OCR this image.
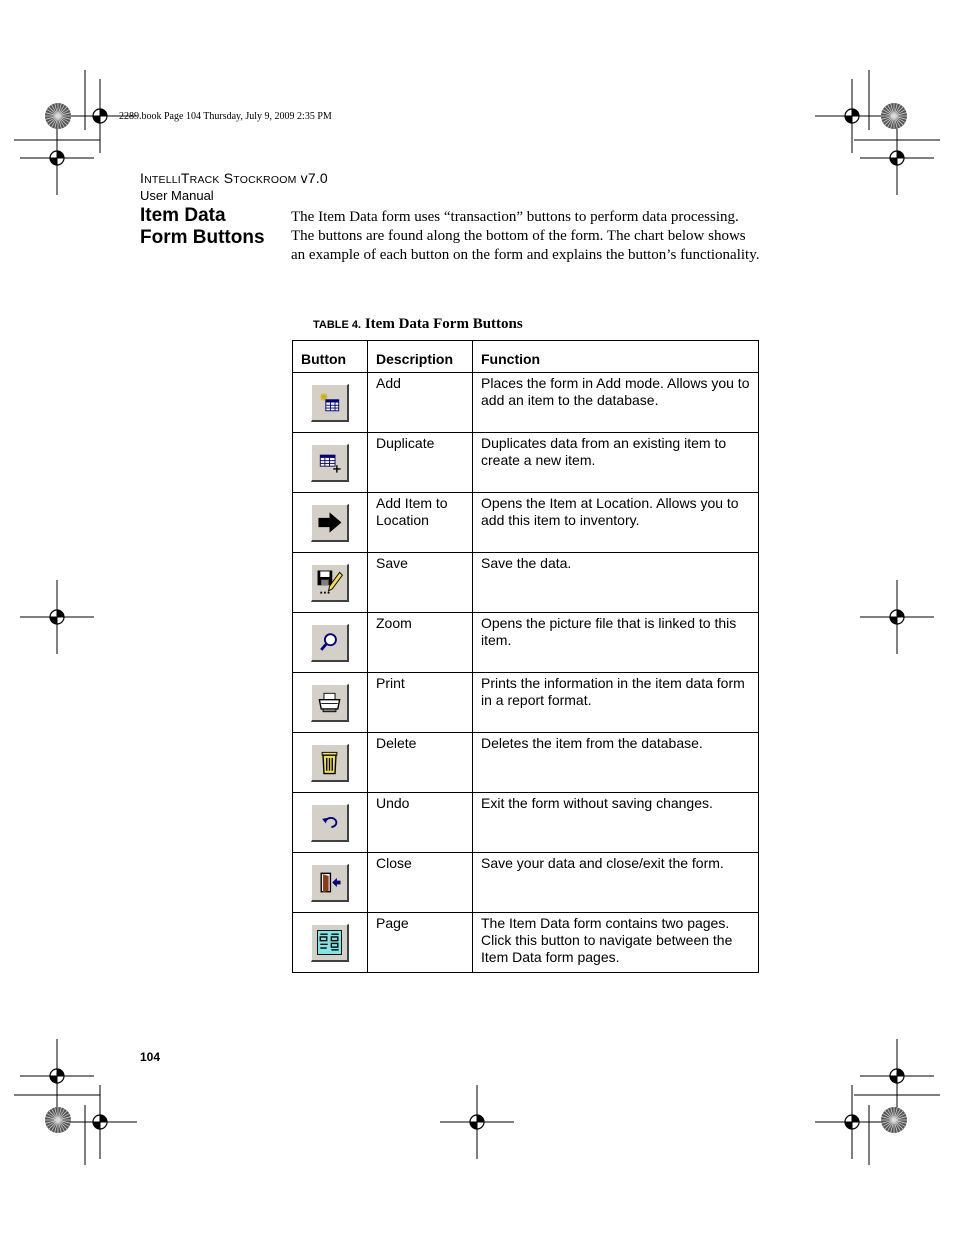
2289.book Page 104 Thursday, July 9, 2009 2:35 PM
INTELLITRACK STOCKROOM v7.0
User Manual
Item Data
Form Buttons

The Item Data form uses “transaction” buttons to perform data processing. The buttons are found along the bottom of the form. The chart below shows an example of each button on the form and explains the button’s functionality.

TABLE 4. Item Data Form Buttons
Button	Description	Function

	Add	Places the form in Add mode. Allows you to add an item to the database.

	Duplicate	Duplicates data from an existing item to create a new item.

	Add Item to Location	Opens the Item at Location. Allows you to add this item to inventory.

	Save	Save the data.

	Zoom	Opens the picture file that is linked to this item.

	Print	Prints the information in the item data form in a report format.

	Delete	Deletes the item from the database.

	Undo	Exit the form without saving changes.

	Close	Save your data and close/exit the form.

	Page	The Item Data form contains two pages. Click this button to navigate between the Item Data form pages.
104
